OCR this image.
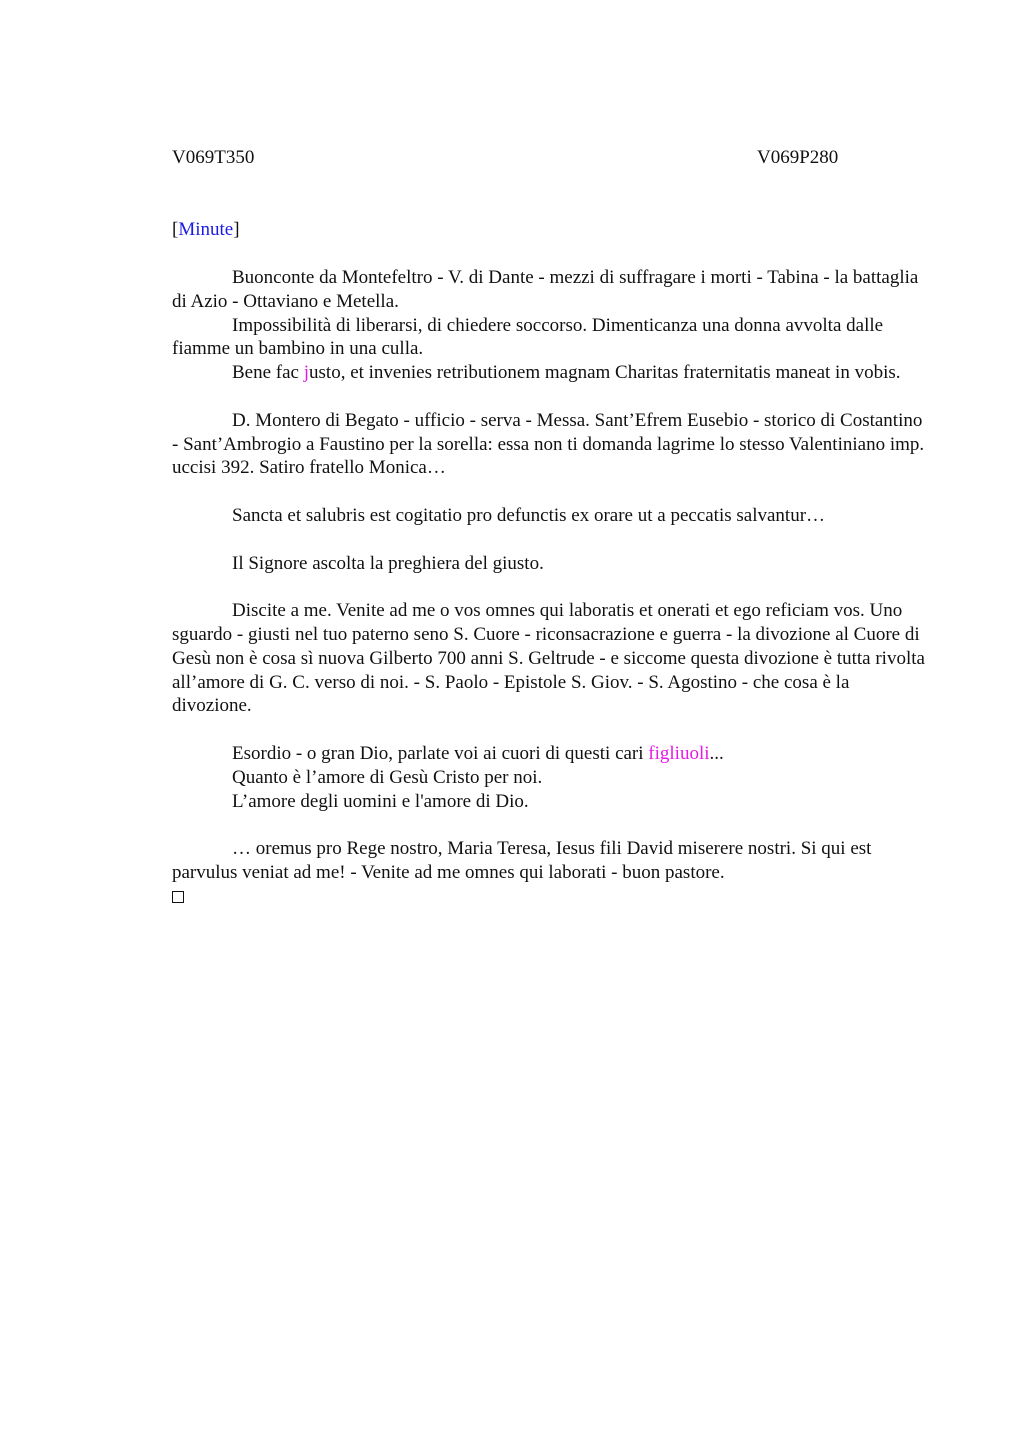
V069T350	V069P280
[Minute]

Buonconte da Montefeltro - V. di Dante - mezzi di suffragare i morti - Tabina - la battaglia di Azio - Ottaviano e Metella.

Impossibilità di liberarsi, di chiedere soccorso. Dimenticanza una donna avvolta dalle fiamme un bambino in una culla.

Bene fac justo, et invenies retributionem magnam Charitas fraternitatis maneat in vobis.

D. Montero di Begato - ufficio - serva - Messa. Sant’Efrem Eusebio - storico di Costantino - Sant’Ambrogio a Faustino per la sorella: essa non ti domanda lagrime lo stesso Valentiniano imp. uccisi 392. Satiro fratello Monica…

Sancta et salubris est cogitatio pro defunctis ex orare ut a peccatis salvantur…

Il Signore ascolta la preghiera del giusto.

Discite a me. Venite ad me o vos omnes qui laboratis et onerati et ego reficiam vos. Uno sguardo - giusti nel tuo paterno seno S. Cuore - riconsacrazione e guerra - la divozione al Cuore di Gesù non è cosa sì nuova Gilberto 700 anni S. Geltrude - e siccome questa divozione è tutta rivolta all’amore di G. C. verso di noi. - S. Paolo - Epistole S. Giov. - S. Agostino - che cosa è la divozione.

Esordio - o gran Dio, parlate voi ai cuori di questi cari figliuoli...

Quanto è l’amore di Gesù Cristo per noi.

L’amore degli uomini e l'amore di Dio.

… oremus pro Rege nostro, Maria Teresa, Iesus fili David miserere nostri. Si qui est parvulus veniat ad me! - Venite ad me omnes qui laborati - buon pastore.
